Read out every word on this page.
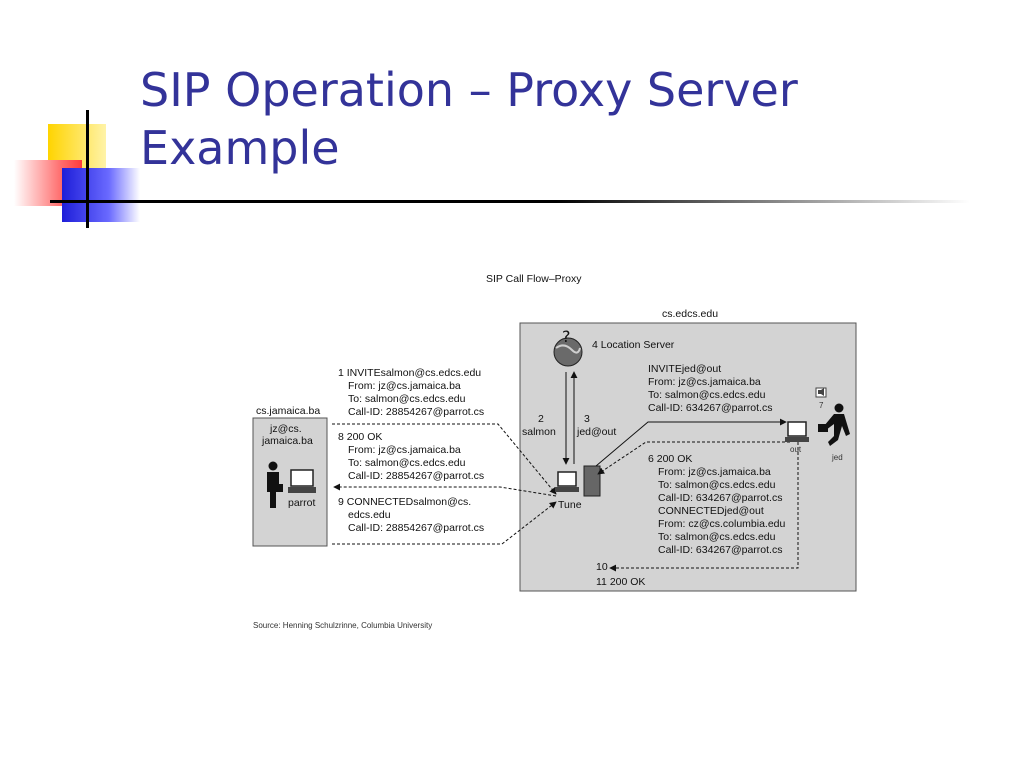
SIP Operation – Proxy Server
Example
SIP Call Flow–Proxy
cs.jamaica.ba
jz@cs.
jamaica.ba
parrot
cs.edcs.edu
? 4 Location Server
1 INVITEsalmon@cs.edcs.edu
From: jz@cs.jamaica.ba
To: salmon@cs.edcs.edu
Call-ID: 28854267@parrot.cs
8 200 OK
From: jz@cs.jamaica.ba
To: salmon@cs.edcs.edu
Call-ID: 28854267@parrot.cs
9 CONNECTEDsalmon@cs.
edcs.edu
Call-ID: 28854267@parrot.cs
2
salmon
3
jed@out
Tune
INVITEjed@out
From: jz@cs.jamaica.ba
To: salmon@cs.edcs.edu
Call-ID: 634267@parrot.cs
6 200 OK
From: jz@cs.jamaica.ba
To: salmon@cs.edcs.edu
Call-ID: 634267@parrot.cs
CONNECTEDjed@out
From: cz@cs.columbia.edu
To: salmon@cs.edcs.edu
Call-ID: 634267@parrot.cs
out
7
jed
10
11 200 OK
Source: Henning Schulzrinne, Columbia University
